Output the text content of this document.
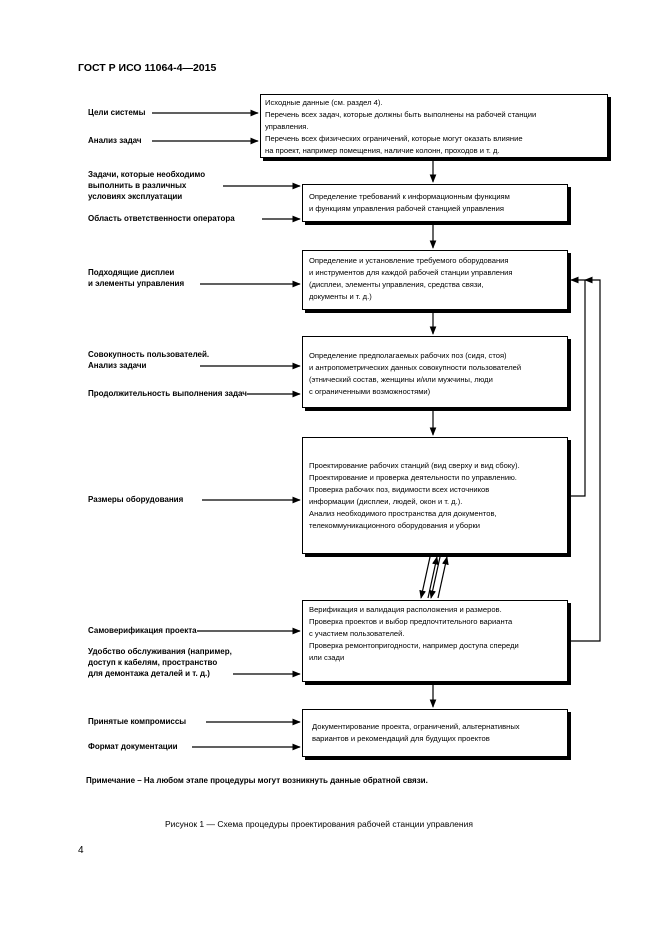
ГОСТ Р ИСО 11064-4—2015
Исходные данные (см. раздел 4).
Перечень всех задач, которые должны быть выполнены на рабочей станции
управления.
Перечень всех физических ограничений, которые могут оказать влияние
на проект, например помещения, наличие колонн, проходов и т. д.
Определение требований к информационным функциям
и функциям управления рабочей станцией управления
Определение и установление требуемого оборудования
и инструментов для каждой рабочей станции управления
(дисплеи, элементы управления, средства связи,
документы и т. д.)
Определение предполагаемых рабочих поз (сидя, стоя)
и антропометрических данных совокупности пользователей
(этнический состав, женщины и/или мужчины, люди
с ограниченными возможностями)
Проектирование рабочих станций (вид сверху и вид сбоку).
Проектирование и проверка деятельности по управлению.
Проверка рабочих поз, видимости всех источников
информации (дисплеи, людей, окон и т. д.).
Анализ необходимого пространства для документов,
телекоммуникационного оборудования и уборки
Верификация и валидация расположения и размеров.
Проверка проектов и выбор предпочтительного варианта
с участием пользователей.
Проверка ремонтопригодности, например доступа спереди
или сзади
Документирование проекта, ограничений, альтернативных
вариантов и рекомендаций для будущих проектов
Цели системы
Анализ задач
Задачи, которые необходимо
выполнить в различных
условиях эксплуатации
Область ответственности оператора
Подходящие дисплеи
и элементы управления
Совокупность пользователей.
Анализ задачи
Продолжительность выполнения задач
Размеры оборудования
Самоверификация проекта
Удобство обслуживания (например,
доступ к кабелям, пространство
для демонтажа деталей и т. д.)
Принятые компромиссы
Формат документации
Примечание – На любом этапе процедуры могут возникнуть данные обратной связи.
Рисунок 1 — Схема процедуры проектирования рабочей станции управления
4
